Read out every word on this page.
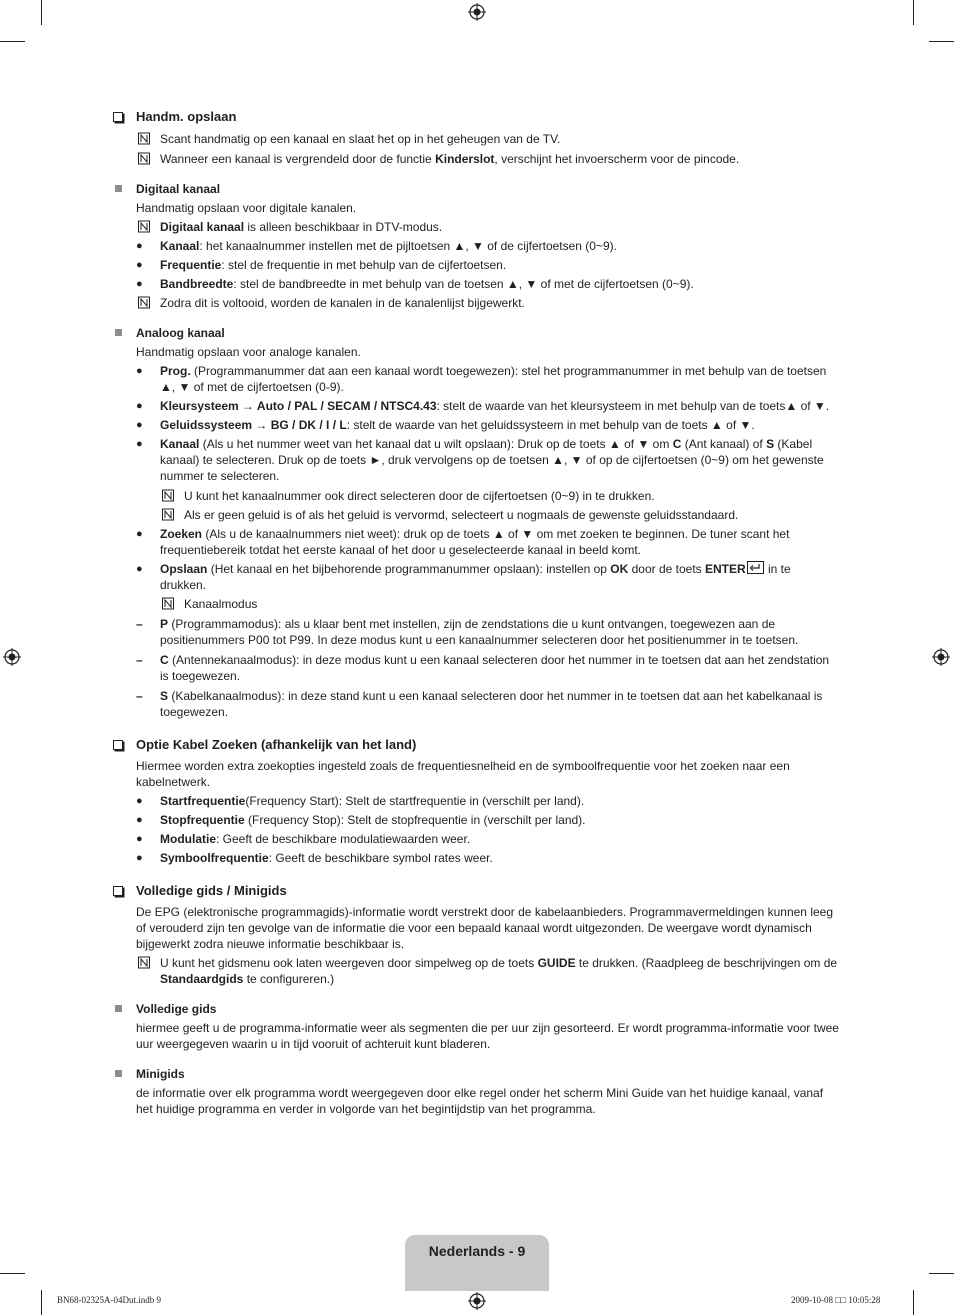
Handm. opslaan
Scant handmatig op een kanaal en slaat het op in het geheugen van de TV.
Wanneer een kanaal is vergrendeld door de functie Kinderslot, verschijnt het invoerscherm voor de pincode.
Digitaal kanaal
Handmatig opslaan voor digitale kanalen.
Digitaal kanaal is alleen beschikbaar in DTV-modus.
●	Kanaal: het kanaalnummer instellen met de pijltoetsen ▲, ▼ of de cijfertoetsen (0~9).
●	Frequentie: stel de frequentie in met behulp van de cijfertoetsen.
●	Bandbreedte: stel de bandbreedte in met behulp van de toetsen ▲, ▼ of met de cijfertoetsen (0~9).
Zodra dit is voltooid, worden de kanalen in de kanalenlijst bijgewerkt.
Analoog kanaal
Handmatig opslaan voor analoge kanalen.
●	Prog. (Programmanummer dat aan een kanaal wordt toegewezen): stel het programmanummer in met behulp van de toetsen ▲, ▼ of met de cijfertoetsen (0-9).
●	Kleursysteem → Auto / PAL / SECAM / NTSC4.43: stelt de waarde van het kleursysteem in met behulp van de toets▲ of ▼.
●	Geluidssysteem → BG / DK / I / L: stelt de waarde van het geluidssysteem in met behulp van de toets ▲ of ▼.
●	Kanaal (Als u het nummer weet van het kanaal dat u wilt opslaan): Druk op de toets ▲ of ▼ om C (Ant kanaal) of S (Kabel kanaal) te selecteren. Druk op de toets ►, druk vervolgens op de toetsen ▲, ▼ of op de cijfertoetsen (0~9) om het gewenste nummer te selecteren.
U kunt het kanaalnummer ook direct selecteren door de cijfertoetsen (0~9) in te drukken.
Als er geen geluid is of als het geluid is vervormd, selecteert u nogmaals de gewenste geluidsstandaard.
●	Zoeken (Als u de kanaalnummers niet weet): druk op de toets ▲ of ▼ om met zoeken te beginnen. De tuner scant het frequentiebereik totdat het eerste kanaal of het door u geselecteerde kanaal in beeld komt.
●	Opslaan (Het kanaal en het bijbehorende programmanummer opslaan): instellen op OK door de toets ENTER
in te drukken.
Kanaalmodus
–	P (Programmamodus): als u klaar bent met instellen, zijn de zendstations die u kunt ontvangen, toegewezen aan de positienummers P00 tot P99. In deze modus kunt u een kanaalnummer selecteren door het positienummer in te toetsen.
–	C (Antennekanaalmodus): in deze modus kunt u een kanaal selecteren door het nummer in te toetsen dat aan het zendstation is toegewezen.
–	S (Kabelkanaalmodus): in deze stand kunt u een kanaal selecteren door het nummer in te toetsen dat aan het kabelkanaal is toegewezen.
Optie Kabel Zoeken (afhankelijk van het land)
Hiermee worden extra zoekopties ingesteld zoals de frequentiesnelheid en de symboolfrequentie voor het zoeken naar een kabelnetwerk.
●	Startfrequentie(Frequency Start): Stelt de startfrequentie in (verschilt per land).
●	Stopfrequentie (Frequency Stop): Stelt de stopfrequentie in (verschilt per land).
●	Modulatie: Geeft de beschikbare modulatiewaarden weer.
●	Symboolfrequentie: Geeft de beschikbare symbol rates weer.
Volledige gids / Minigids
De EPG (elektronische programmagids)-informatie wordt verstrekt door de kabelaanbieders. Programmavermeldingen kunnen leeg of verouderd zijn ten gevolge van de informatie die voor een bepaald kanaal wordt uitgezonden. De weergave wordt dynamisch bijgewerkt zodra nieuwe informatie beschikbaar is.
U kunt het gidsmenu ook laten weergeven door simpelweg op de toets GUIDE te drukken. (Raadpleeg de beschrijvingen om de Standaardgids te configureren.)
Volledige gids
hiermee geeft u de programma-informatie weer als segmenten die per uur zijn gesorteerd. Er wordt programma-informatie voor twee uur weergegeven waarin u in tijd vooruit of achteruit kunt bladeren.
Minigids
de informatie over elk programma wordt weergegeven door elke regel onder het scherm Mini Guide van het huidige kanaal, vanaf het huidige programma en verder in volgorde van het begintijdstip van het programma.
Nederlands - 9
BN68-02325A-04Dut.indb 9	2009-10-08 □□ 10:05:28
